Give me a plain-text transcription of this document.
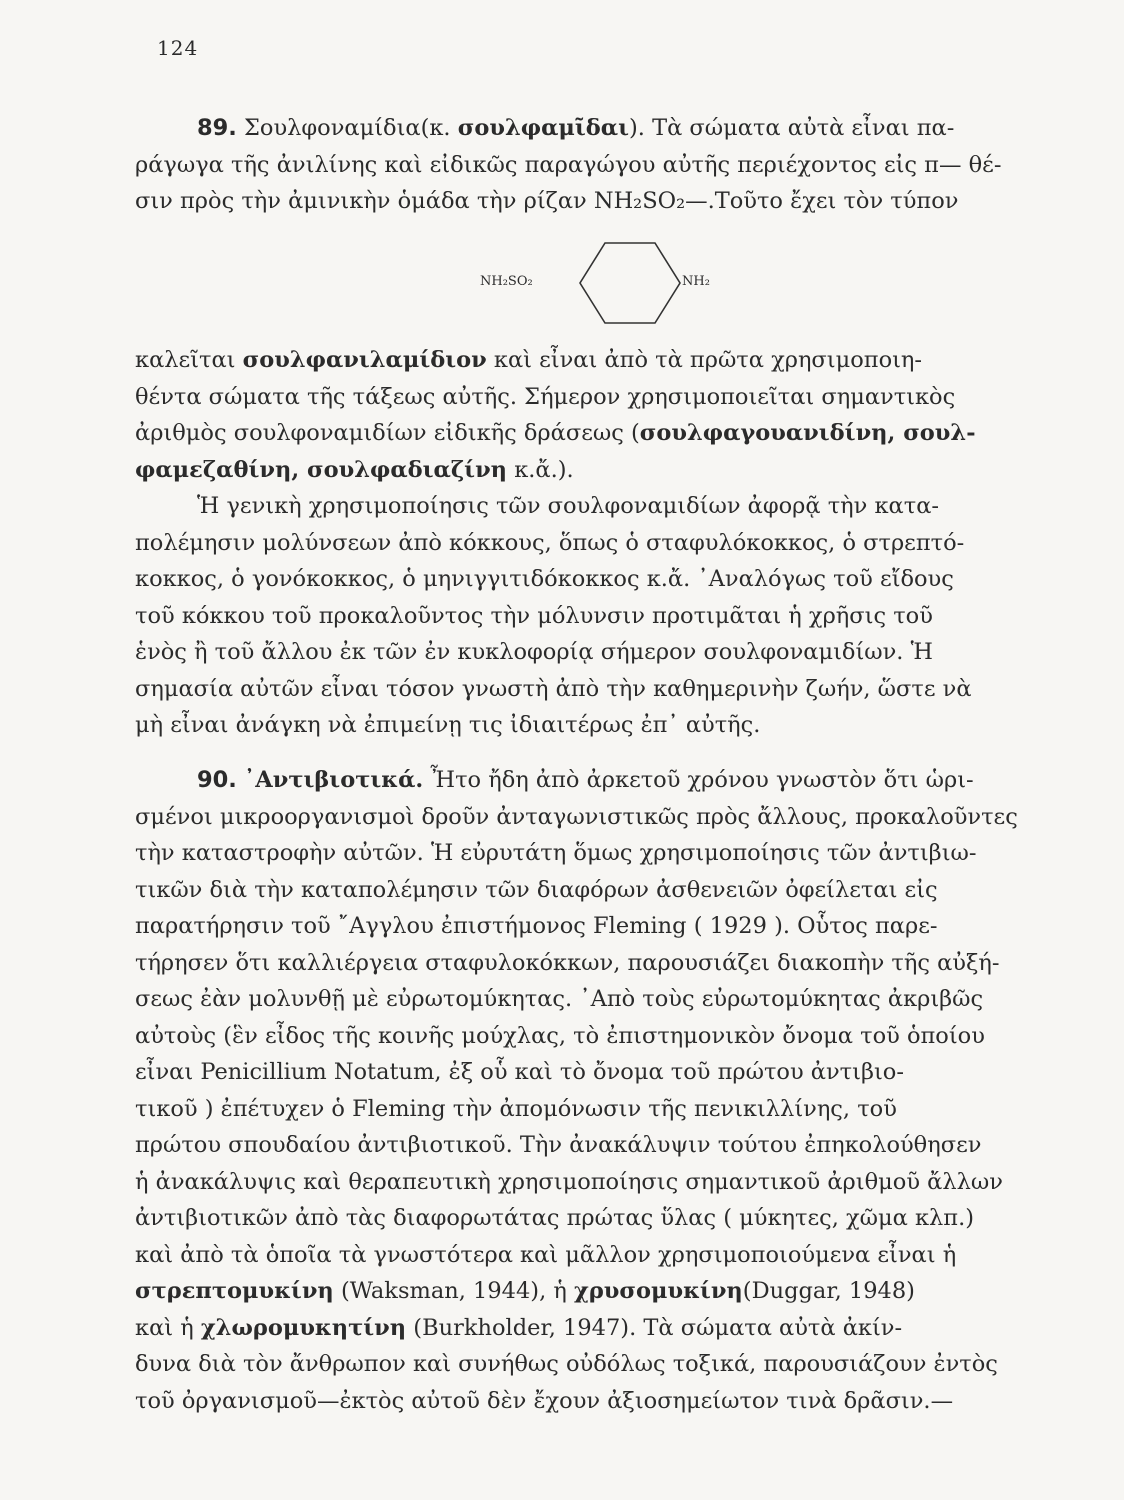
124
89. Σουλφοναμίδια(κ. σουλφαμῖδαι). Τὰ σώματα αὐτὰ εἶναι πα-
ράγωγα τῆς ἀνιλίνης καὶ εἰδικῶς παραγώγου αὐτῆς περιέχοντος εἰς π— θέ-
σιν πρὸς τὴν ἀμινικὴν ὁμάδα τὴν ρίζαν NH₂SO₂—.Τοῦτο ἔχει τὸν τύπον
NH₂SO₂	NH₂
καλεῖται σουλφανιλαμίδιον καὶ εἶναι ἀπὸ τὰ πρῶτα χρησιμοποιη-
θέντα σώματα τῆς τάξεως αὐτῆς. Σήμερον χρησιμοποιεῖται σημαντικὸς
ἀριθμὸς σουλφοναμιδίων εἰδικῆς δράσεως (σουλφαγουανιδίνη, σουλ-
φαμεζαθίνη, σουλφαδιαζίνη κ.ἄ.).
Ἡ γενικὴ χρησιμοποίησις τῶν σουλφοναμιδίων ἀφορᾷ τὴν κατα-
πολέμησιν μολύνσεων ἀπὸ κόκκους, ὅπως ὁ σταφυλόκοκκος, ὁ στρεπτό-
κοκκος, ὁ γονόκοκκος, ὁ μηνιγγιτιδόκοκκος κ.ἄ. ᾿Αναλόγως τοῦ εἴδους
τοῦ κόκκου τοῦ προκαλοῦντος τὴν μόλυνσιν προτιμᾶται ἡ χρῆσις τοῦ
ἑνὸς ἢ τοῦ ἄλλου ἐκ τῶν ἐν κυκλοφορίᾳ σήμερον σουλφοναμιδίων. Ἡ
σημασία αὐτῶν εἶναι τόσον γνωστὴ ἀπὸ τὴν καθημερινὴν ζωήν, ὥστε νὰ
μὴ εἶναι ἀνάγκη νὰ ἐπιμείνῃ τις ἰδιαιτέρως ἐπ᾿ αὐτῆς.
90. ᾿Αντιβιοτικά. Ἦτο ἤδη ἀπὸ ἀρκετοῦ χρόνου γνωστὸν ὅτι ὡρι-
σμένοι μικροοργανισμοὶ δροῦν ἀνταγωνιστικῶς πρὸς ἄλλους, προκαλοῦντες
τὴν καταστροφὴν αὐτῶν. Ἡ εὐρυτάτη ὅμως χρησιμοποίησις τῶν ἀντιβιω-
τικῶν διὰ τὴν καταπολέμησιν τῶν διαφόρων ἀσθενειῶν ὀφείλεται εἰς
παρατήρησιν τοῦ ῎Αγγλου ἐπιστήμονος Fleming ( 1929 ). Οὗτος παρε-
τήρησεν ὅτι καλλιέργεια σταφυλοκόκκων, παρουσιάζει διακοπὴν τῆς αὐξή-
σεως ἐὰν μολυνθῇ μὲ εὐρωτομύκητας. ᾿Απὸ τοὺς εὐρωτομύκητας ἀκριβῶς
αὐτοὺς (ἓν εἶδος τῆς κοινῆς μούχλας, τὸ ἐπιστημονικὸν ὄνομα τοῦ ὁποίου
εἶναι Penicillium Notatum, ἐξ οὗ καὶ τὸ ὄνομα τοῦ πρώτου ἀντιβιο-
τικοῦ ) ἐπέτυχεν ὁ Fleming τὴν ἀπομόνωσιν τῆς πενικιλλίνης, τοῦ
πρώτου σπουδαίου ἀντιβιοτικοῦ. Τὴν ἀνακάλυψιν τούτου ἐπηκολούθησεν
ἡ ἀνακάλυψις καὶ θεραπευτικὴ χρησιμοποίησις σημαντικοῦ ἀριθμοῦ ἄλλων
ἀντιβιοτικῶν ἀπὸ τὰς διαφορωτάτας πρώτας ὕλας ( μύκητες, χῶμα κλπ.)
καὶ ἀπὸ τὰ ὁποῖα τὰ γνωστότερα καὶ μᾶλλον χρησιμοποιούμενα εἶναι ἡ
στρεπτομυκίνη (Waksman, 1944), ἡ χρυσομυκίνη(Duggar, 1948)
καὶ ἡ χλωρομυκητίνη (Burkholder, 1947). Τὰ σώματα αὐτὰ ἀκίν-
δυνα διὰ τὸν ἄνθρωπον καὶ συνήθως οὐδόλως τοξικά, παρουσιάζουν ἐντὸς
τοῦ ὀργανισμοῦ—ἐκτὸς αὐτοῦ δὲν ἔχουν ἀξιοσημείωτον τινὰ δρᾶσιν.—
